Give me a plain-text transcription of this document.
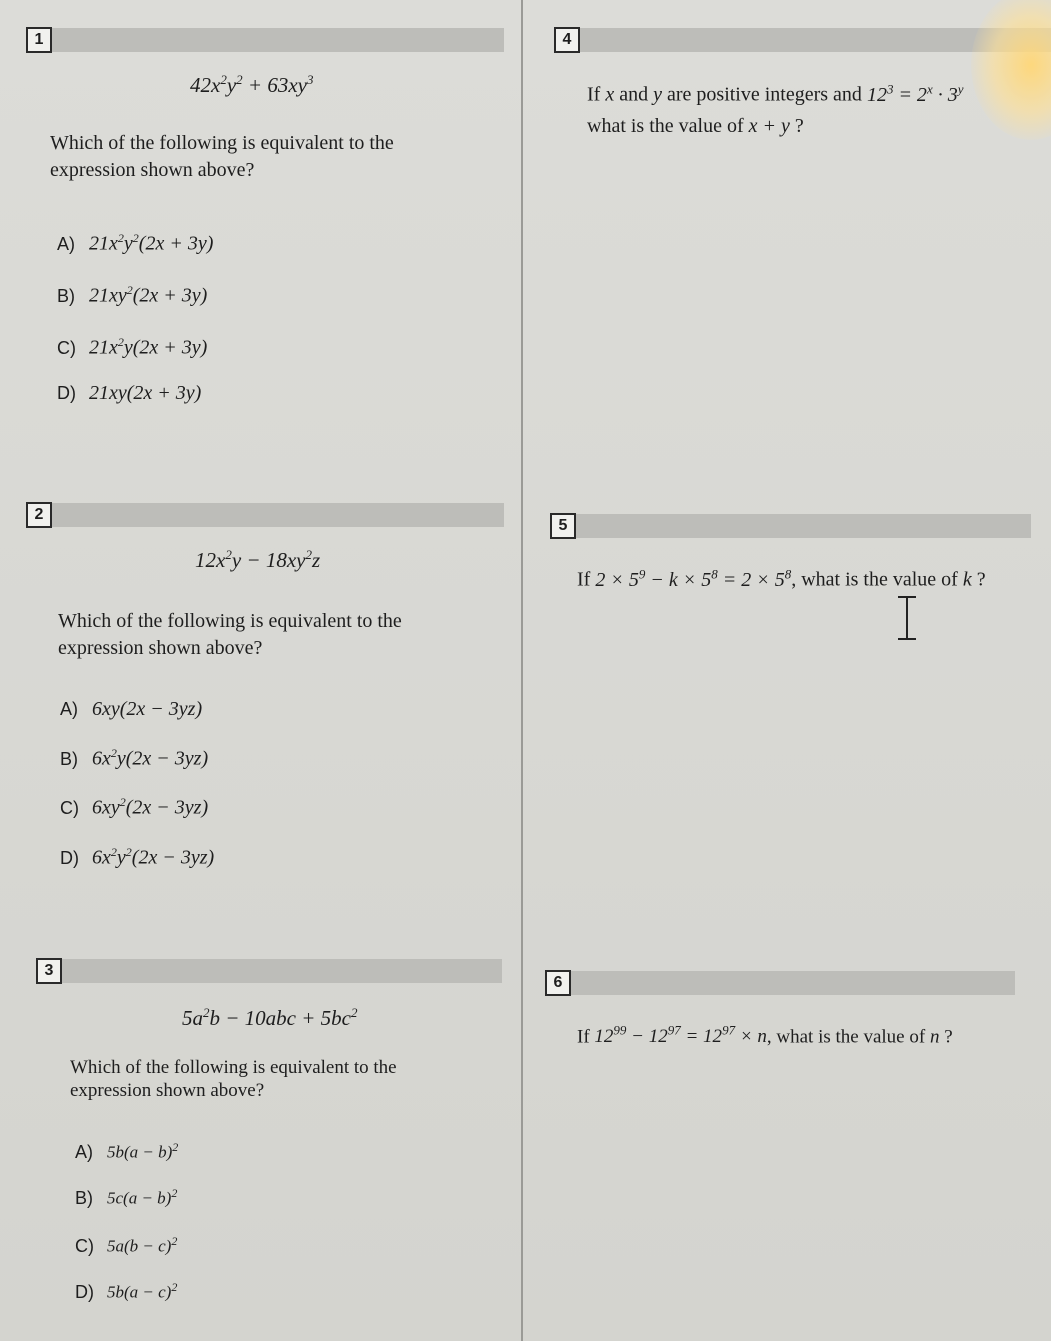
1
$42x^2y^2 + 63xy^3$
Which of the following is equivalent to the
expression shown above?
A) $21x^2y^2(2x + 3y)$
B) $21xy^2(2x + 3y)$
C) $21x^2y(2x + 3y)$
D) 21xy(2x + 3y)
2
$12x^2y - 18xy^2z$
Which of the following is equivalent to the
expression shown above?
A) 6xy(2x − 3yz)
B) $6x^2y(2x - 3yz)$
C) $6xy^2(2x - 3yz)$
D) $6x^2y^2(2x - 3yz)$
3
$5a^2b - 10abc + 5bc^2$
Which of the following is equivalent to the
expression shown above?
A) $5b(a - b)^2$
B) $5c(a - b)^2$
C) $5a(b - c)^2$
D) $5b(a - c)^2$
4
If x and y are positive integers and $12^3 = 2^x \cdot 3^y$
what is the value of x + y ?
5
If $2 \times 5^9 - k \times 5^8 = 2 \times 5^8$, what is the value of k ?
6
If $12^{99} - 12^{97} = 12^{97} \times n$, what is the value of n ?
